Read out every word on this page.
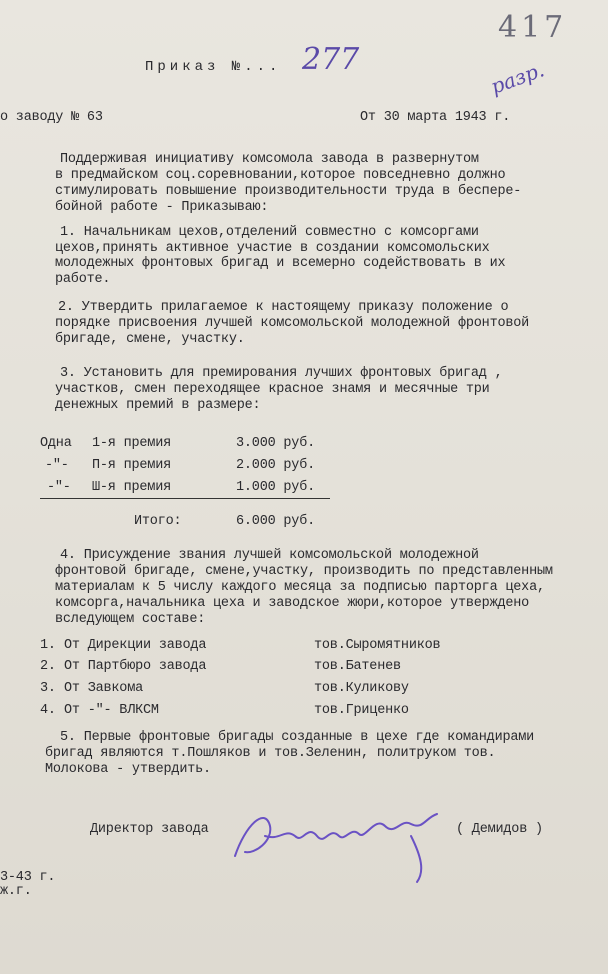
417
разр.
Приказ №... 277
о заводу № 63	От 30 марта 1943 г.
Поддерживая инициативу комсомола завода в развернутом
в предмайском соц.соревновании,которое повседневно должно
стимулировать повышение производительности труда в беспере-
бойной работе - Приказываю:
1. Начальникам цехов,отделений совместно с комсоргами
цехов,принять активное участие в создании комсомольских
молодежных фронтовых бригад и всемерно содействовать в их
работе.
2. Утвердить прилагаемое к настоящему приказу положение о
порядке присвоения лучшей комсомольской молодежной фронтовой
бригаде, смене, участку.
3. Установить для премирования лучших фронтовых бригад ,
участков, смен переходящее красное знамя и месячные три
денежных премий в размере:
Одна 1-я премия	3.000 руб.
-"- П-я премия	2.000 руб.
-"- Ш-я премия	1.000 руб.
Итого:	6.000 руб.
4. Присуждение звания лучшей комсомольской молодежной
фронтовой бригаде, смене,участку, производить по представленным
материалам к 5 числу каждого месяца за подписью парторга цеха,
комсорга,начальника цеха и заводское жюри,которое утверждено
вследующем составе:
1. От Дирекции завода	тов.Сыромятников
2. От Партбюро завода	тов.Батенев
3. От Завкома	тов.Куликову
4. От -"- ВЛКСМ	тов.Гриценко
5. Первые фронтовые бригады созданные в цехе где командирами
бригад являются т.Пошляков и тов.Зеленин, политруком тов.
Молокова - утвердить.
Директор завода	( Демидов )
3-43 г.
ж.г.
